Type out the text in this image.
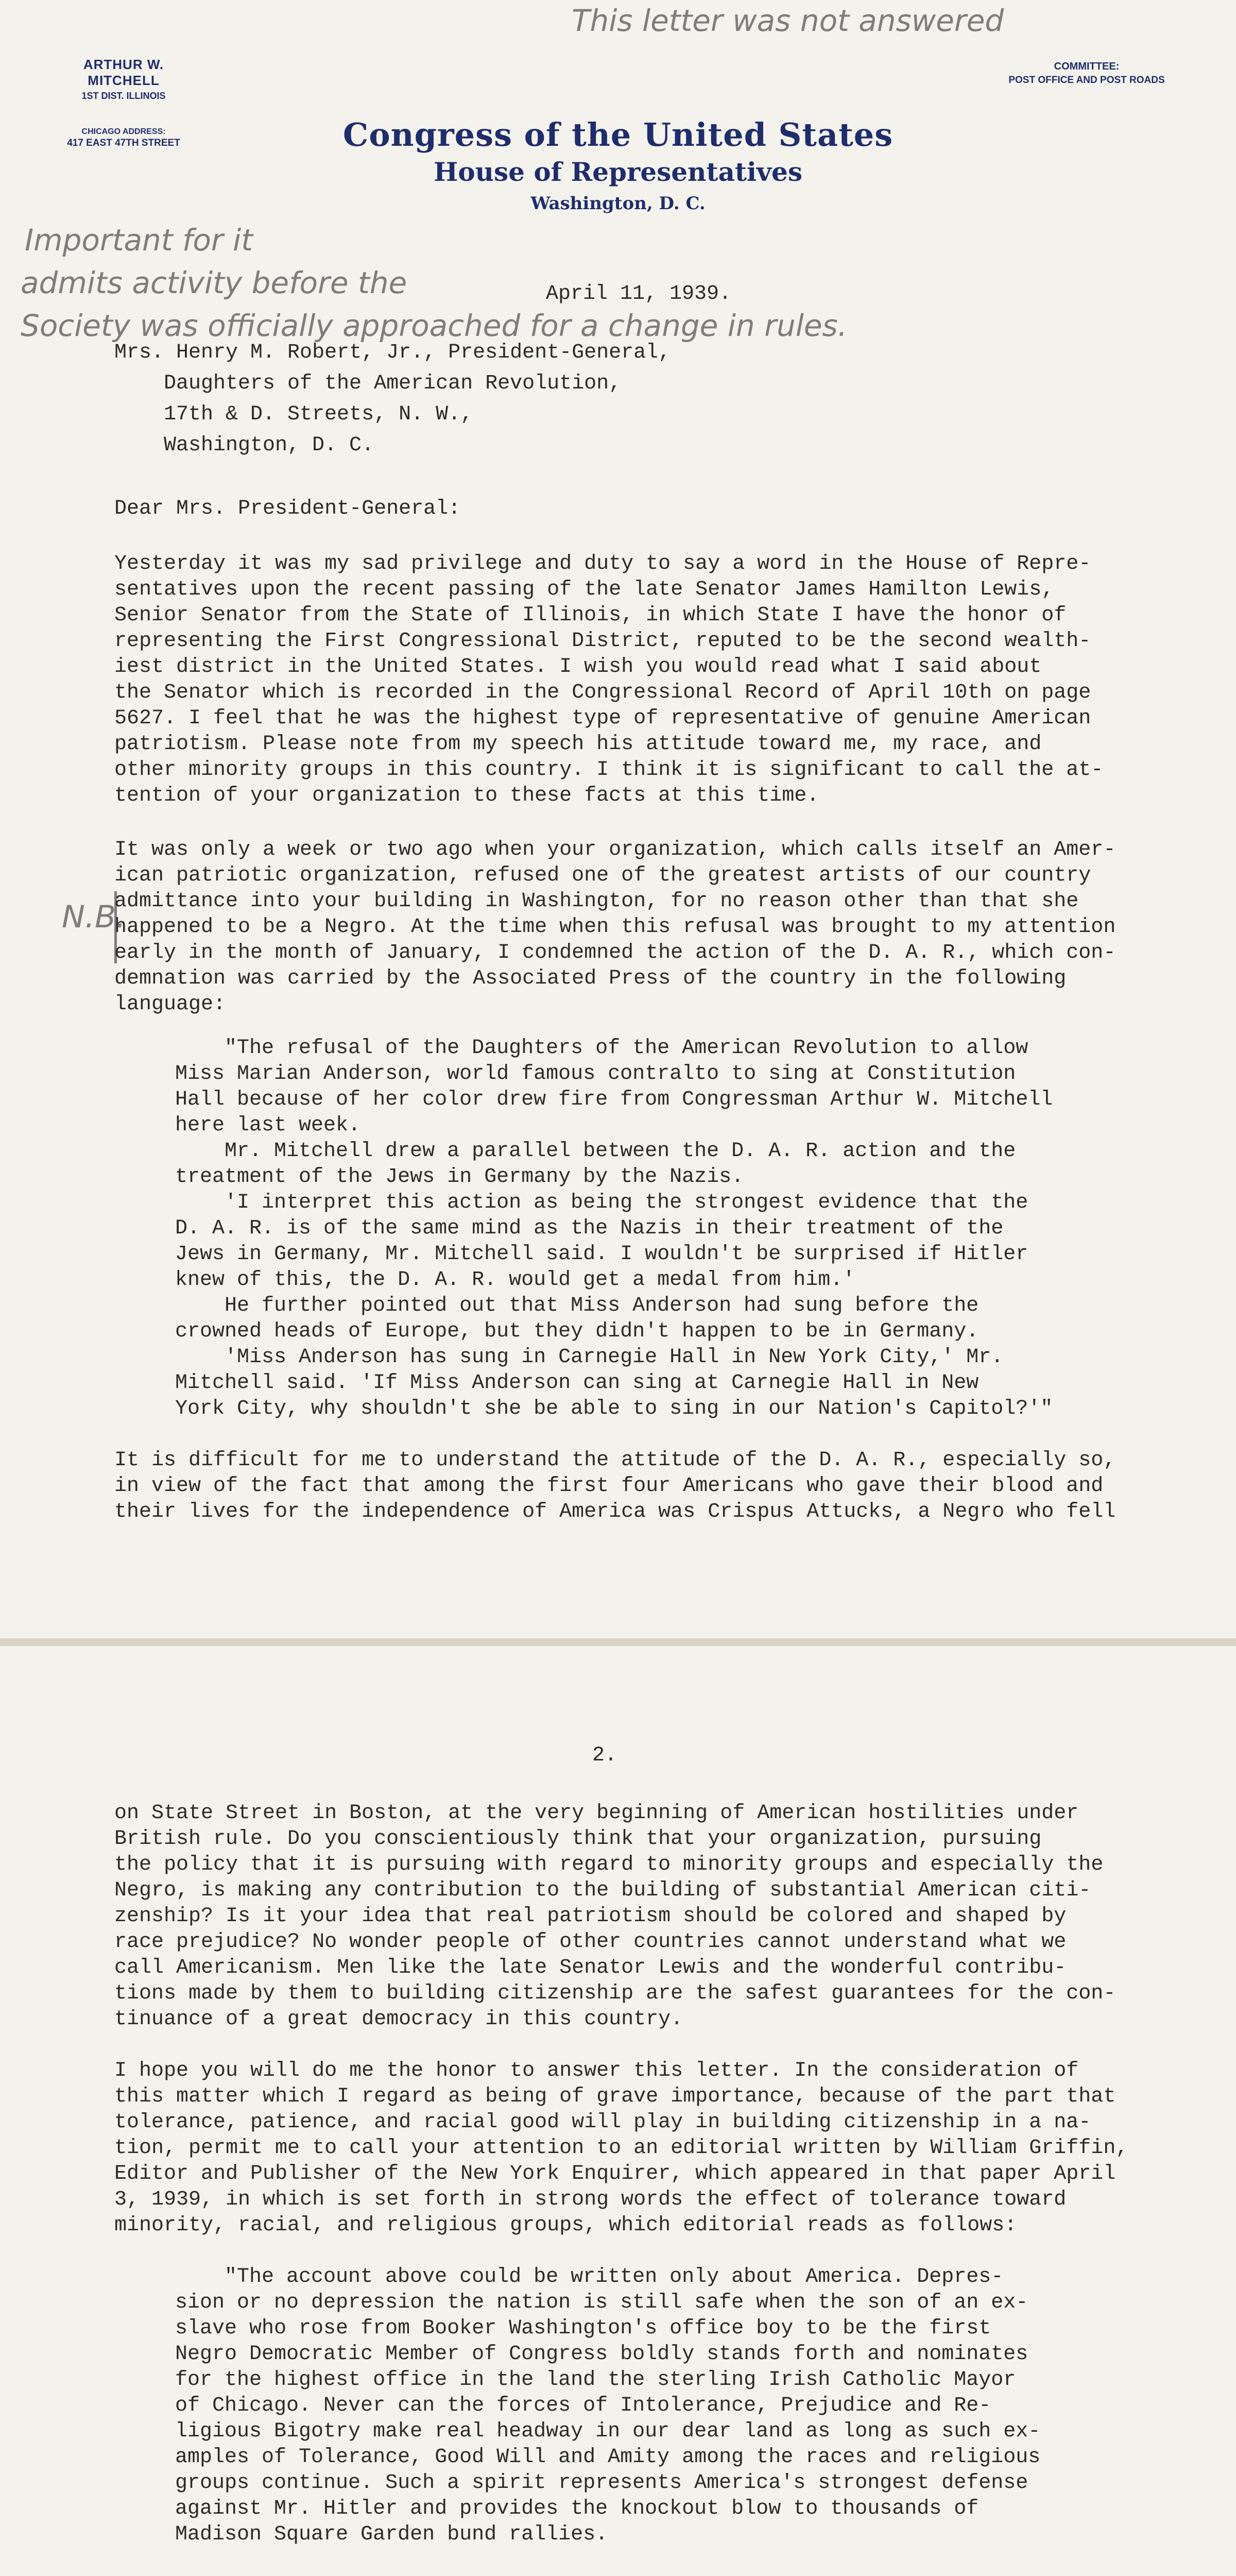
This letter was not answered
ARTHUR W. MITCHELL
1ST DIST. ILLINOIS
CHICAGO ADDRESS:
417 EAST 47TH STREET
COMMITTEE:
POST OFFICE AND POST ROADS
Congress of the United States
House of Representatives
Washington, D. C.
Important for it
admits activity before the
Society was officially approached for a change in rules.
April 11, 1939.
Mrs. Henry M. Robert, Jr., President-General,
Daughters of the American Revolution,
17th & D. Streets, N. W.,
Washington, D. C.
Dear Mrs. President-General:
Yesterday it was my sad privilege and duty to say a word in the House of Repre-
sentatives upon the recent passing of the late Senator James Hamilton Lewis,
Senior Senator from the State of Illinois, in which State I have the honor of
representing the First Congressional District, reputed to be the second wealth-
iest district in the United States. I wish you would read what I said about
the Senator which is recorded in the Congressional Record of April 10th on page
5627. I feel that he was the highest type of representative of genuine American
patriotism. Please note from my speech his attitude toward me, my race, and
other minority groups in this country. I think it is significant to call the at-
tention of your organization to these facts at this time.
N.B.
It was only a week or two ago when your organization, which calls itself an Amer-
ican patriotic organization, refused one of the greatest artists of our country
admittance into your building in Washington, for no reason other than that she
happened to be a Negro. At the time when this refusal was brought to my attention
early in the month of January, I condemned the action of the D. A. R., which con-
demnation was carried by the Associated Press of the country in the following
language:
"The refusal of the Daughters of the American Revolution to allow
Miss Marian Anderson, world famous contralto to sing at Constitution
Hall because of her color drew fire from Congressman Arthur W. Mitchell
here last week.
Mr. Mitchell drew a parallel between the D. A. R. action and the
treatment of the Jews in Germany by the Nazis.
'I interpret this action as being the strongest evidence that the
D. A. R. is of the same mind as the Nazis in their treatment of the
Jews in Germany, Mr. Mitchell said. I wouldn't be surprised if Hitler
knew of this, the D. A. R. would get a medal from him.'
He further pointed out that Miss Anderson had sung before the
crowned heads of Europe, but they didn't happen to be in Germany.
'Miss Anderson has sung in Carnegie Hall in New York City,' Mr.
Mitchell said. 'If Miss Anderson can sing at Carnegie Hall in New
York City, why shouldn't she be able to sing in our Nation's Capitol?'"
It is difficult for me to understand the attitude of the D. A. R., especially so,
in view of the fact that among the first four Americans who gave their blood and
their lives for the independence of America was Crispus Attucks, a Negro who fell
2.
on State Street in Boston, at the very beginning of American hostilities under
British rule. Do you conscientiously think that your organization, pursuing
the policy that it is pursuing with regard to minority groups and especially the
Negro, is making any contribution to the building of substantial American citi-
zenship? Is it your idea that real patriotism should be colored and shaped by
race prejudice? No wonder people of other countries cannot understand what we
call Americanism. Men like the late Senator Lewis and the wonderful contribu-
tions made by them to building citizenship are the safest guarantees for the con-
tinuance of a great democracy in this country.
I hope you will do me the honor to answer this letter. In the consideration of
this matter which I regard as being of grave importance, because of the part that
tolerance, patience, and racial good will play in building citizenship in a na-
tion, permit me to call your attention to an editorial written by William Griffin,
Editor and Publisher of the New York Enquirer, which appeared in that paper April
3, 1939, in which is set forth in strong words the effect of tolerance toward
minority, racial, and religious groups, which editorial reads as follows:
"The account above could be written only about America. Depres-
sion or no depression the nation is still safe when the son of an ex-
slave who rose from Booker Washington's office boy to be the first
Negro Democratic Member of Congress boldly stands forth and nominates
for the highest office in the land the sterling Irish Catholic Mayor
of Chicago. Never can the forces of Intolerance, Prejudice and Re-
ligious Bigotry make real headway in our dear land as long as such ex-
amples of Tolerance, Good Will and Amity among the races and religious
groups continue. Such a spirit represents America's strongest defense
against Mr. Hitler and provides the knockout blow to thousands of
Madison Square Garden bund rallies.
